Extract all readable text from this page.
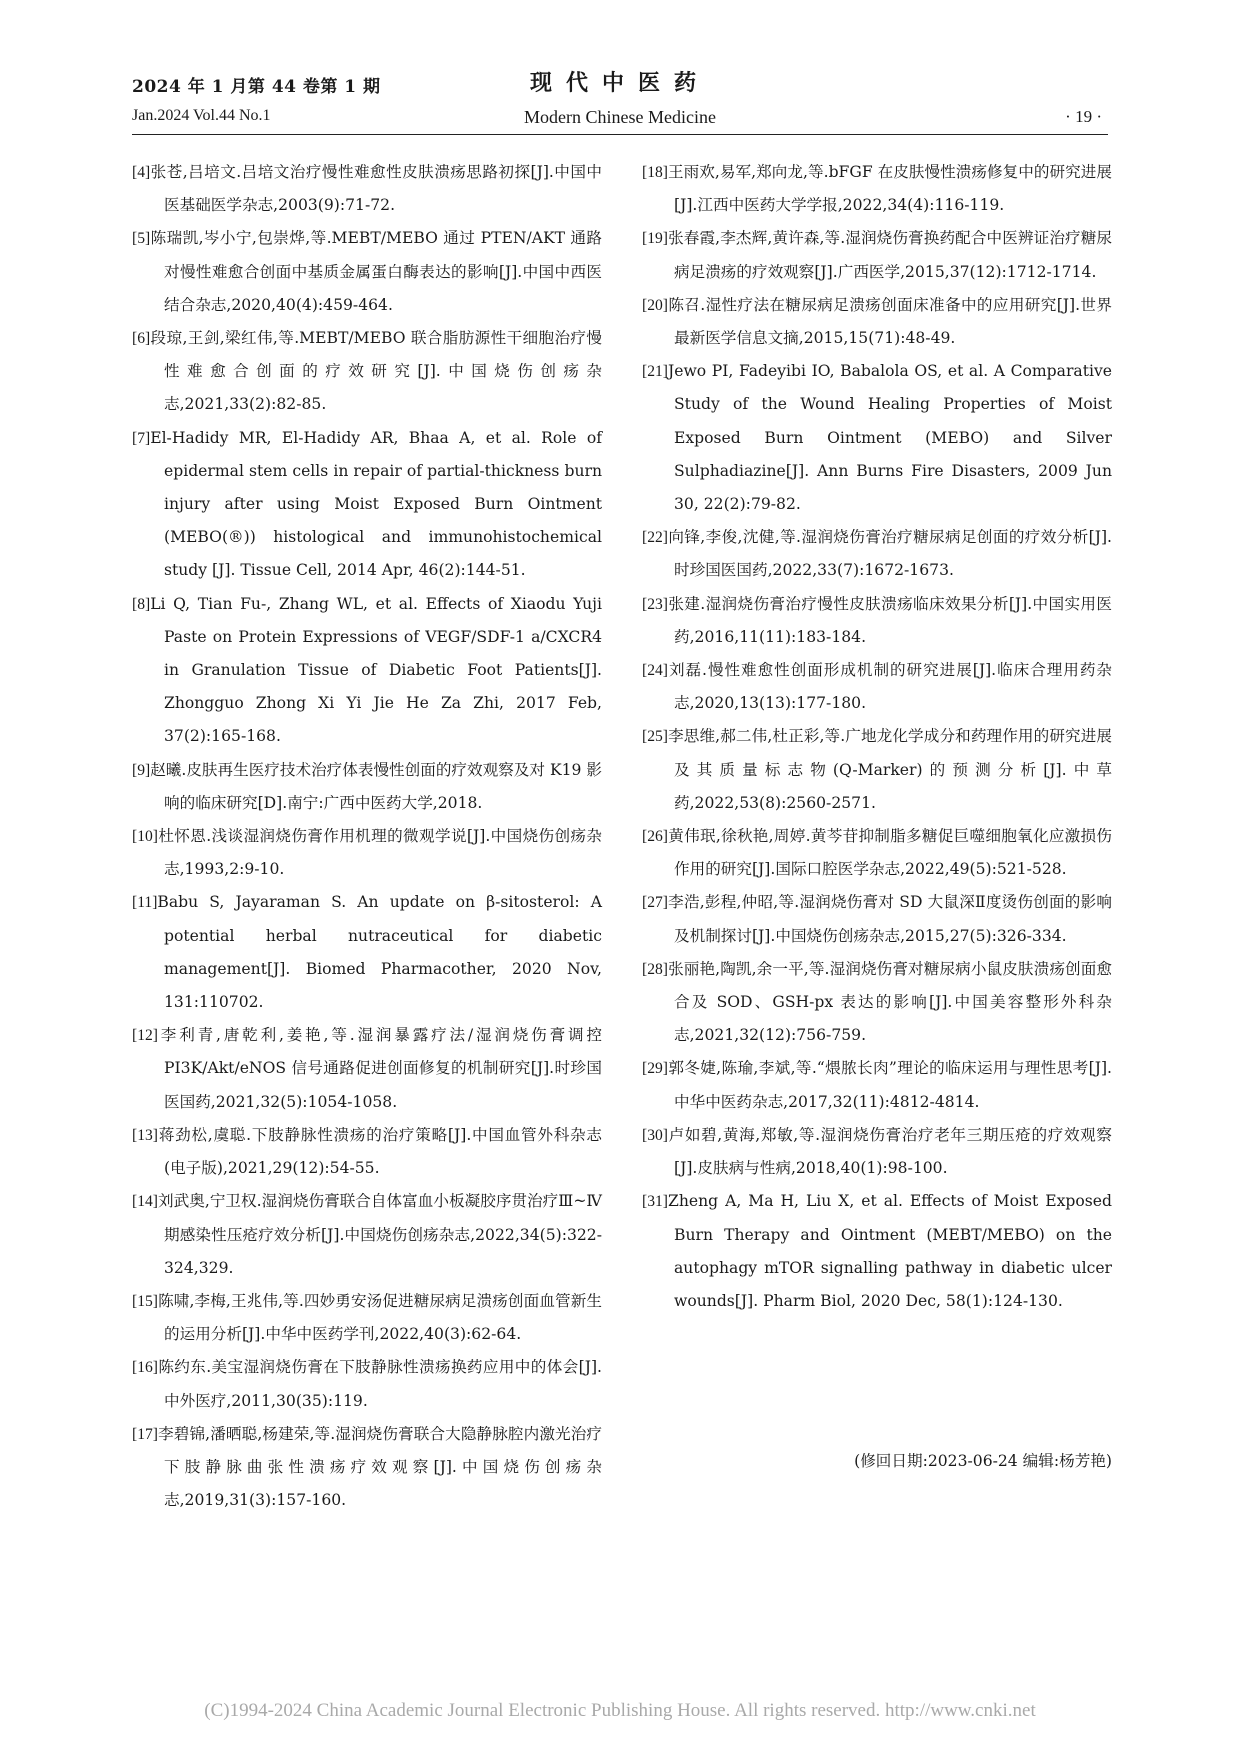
2024 年 1 月第 44 卷第 1 期	现代中医药
Jan.2024 Vol.44 No.1	Modern Chinese Medicine	· 19 ·

[4]张苍,吕培文.吕培文治疗慢性难愈性皮肤溃疡思路初探[J].中国中医基础医学杂志,2003(9):71-72.

[5]陈瑞凯,岑小宁,包崇烨,等.MEBT/MEBO 通过 PTEN/AKT 通路对慢性难愈合创面中基质金属蛋白酶表达的影响[J].中国中西医结合杂志,2020,40(4):459-464.

[6]段琼,王剑,梁红伟,等.MEBT/MEBO 联合脂肪源性干细胞治疗慢性难愈合创面的疗效研究[J].中国烧伤创疡杂志,2021,33(2):82-85.

[7]El-Hadidy MR, El-Hadidy AR, Bhaa A, et al. Role of epidermal stem cells in repair of partial-thickness burn injury after using Moist Exposed Burn Ointment (MEBO(®)) histological and immunohistochemical study [J]. Tissue Cell, 2014 Apr, 46(2):144-51.

[8]Li Q, Tian Fu-, Zhang WL, et al. Effects of Xiaodu Yuji Paste on Protein Expressions of VEGF/SDF-1 a/CXCR4 in Granulation Tissue of Diabetic Foot Patients[J]. Zhongguo Zhong Xi Yi Jie He Za Zhi, 2017 Feb, 37(2):165-168.

[9]赵曦.皮肤再生医疗技术治疗体表慢性创面的疗效观察及对 K19 影响的临床研究[D].南宁:广西中医药大学,2018.

[10]杜怀恩.浅谈湿润烧伤膏作用机理的微观学说[J].中国烧伤创疡杂志,1993,2:9-10.

[11]Babu S, Jayaraman S. An update on β-sitosterol: A potential herbal nutraceutical for diabetic management[J]. Biomed Pharmacother, 2020 Nov, 131:110702.

[12]李利青,唐乾利,姜艳,等.湿润暴露疗法/湿润烧伤膏调控 PI3K/Akt/eNOS 信号通路促进创面修复的机制研究[J].时珍国医国药,2021,32(5):1054-1058.

[13]蒋劲松,虞聪.下肢静脉性溃疡的治疗策略[J].中国血管外科杂志(电子版),2021,29(12):54-55.

[14]刘武奥,宁卫权.湿润烧伤膏联合自体富血小板凝胶序贯治疗Ⅲ~Ⅳ期感染性压疮疗效分析[J].中国烧伤创疡杂志,2022,34(5):322-324,329.

[15]陈啸,李梅,王兆伟,等.四妙勇安汤促进糖尿病足溃疡创面血管新生的运用分析[J].中华中医药学刊,2022,40(3):62-64.

[16]陈约东.美宝湿润烧伤膏在下肢静脉性溃疡换药应用中的体会[J].中外医疗,2011,30(35):119.

[17]李碧锦,潘晒聪,杨建荣,等.湿润烧伤膏联合大隐静脉腔内激光治疗下肢静脉曲张性溃疡疗效观察[J].中国烧伤创疡杂志,2019,31(3):157-160.

[18]王雨欢,易军,郑向龙,等.bFGF 在皮肤慢性溃疡修复中的研究进展[J].江西中医药大学学报,2022,34(4):116-119.

[19]张春霞,李杰辉,黄许森,等.湿润烧伤膏换药配合中医辨证治疗糖尿病足溃疡的疗效观察[J].广西医学,2015,37(12):1712-1714.

[20]陈召.湿性疗法在糖尿病足溃疡创面床准备中的应用研究[J].世界最新医学信息文摘,2015,15(71):48-49.

[21]Jewo PI, Fadeyibi IO, Babalola OS, et al. A Comparative Study of the Wound Healing Properties of Moist Exposed Burn Ointment (MEBO) and Silver Sulphadiazine[J]. Ann Burns Fire Disasters, 2009 Jun 30, 22(2):79-82.

[22]向锋,李俊,沈健,等.湿润烧伤膏治疗糖尿病足创面的疗效分析[J].时珍国医国药,2022,33(7):1672-1673.

[23]张建.湿润烧伤膏治疗慢性皮肤溃疡临床效果分析[J].中国实用医药,2016,11(11):183-184.

[24]刘磊.慢性难愈性创面形成机制的研究进展[J].临床合理用药杂志,2020,13(13):177-180.

[25]李思维,郝二伟,杜正彩,等.广地龙化学成分和药理作用的研究进展及其质量标志物(Q-Marker)的预测分析[J].中草药,2022,53(8):2560-2571.

[26]黄伟珉,徐秋艳,周婷.黄芩苷抑制脂多糖促巨噬细胞氧化应激损伤作用的研究[J].国际口腔医学杂志,2022,49(5):521-528.

[27]李浩,彭程,仲昭,等.湿润烧伤膏对 SD 大鼠深Ⅱ度烫伤创面的影响及机制探讨[J].中国烧伤创疡杂志,2015,27(5):326-334.

[28]张丽艳,陶凯,余一平,等.湿润烧伤膏对糖尿病小鼠皮肤溃疡创面愈合及 SOD、GSH-px 表达的影响[J].中国美容整形外科杂志,2021,32(12):756-759.

[29]郭冬婕,陈瑜,李斌,等.“煨脓长肉”理论的临床运用与理性思考[J].中华中医药杂志,2017,32(11):4812-4814.

[30]卢如碧,黄海,郑敏,等.湿润烧伤膏治疗老年三期压疮的疗效观察[J].皮肤病与性病,2018,40(1):98-100.

[31]Zheng A, Ma H, Liu X, et al. Effects of Moist Exposed Burn Therapy and Ointment (MEBT/MEBO) on the autophagy mTOR signalling pathway in diabetic ulcer wounds[J]. Pharm Biol, 2020 Dec, 58(1):124-130.

(修回日期:2023-06-24 编辑:杨芳艳)
(C)1994-2024 China Academic Journal Electronic Publishing House. All rights reserved. http://www.cnki.net
